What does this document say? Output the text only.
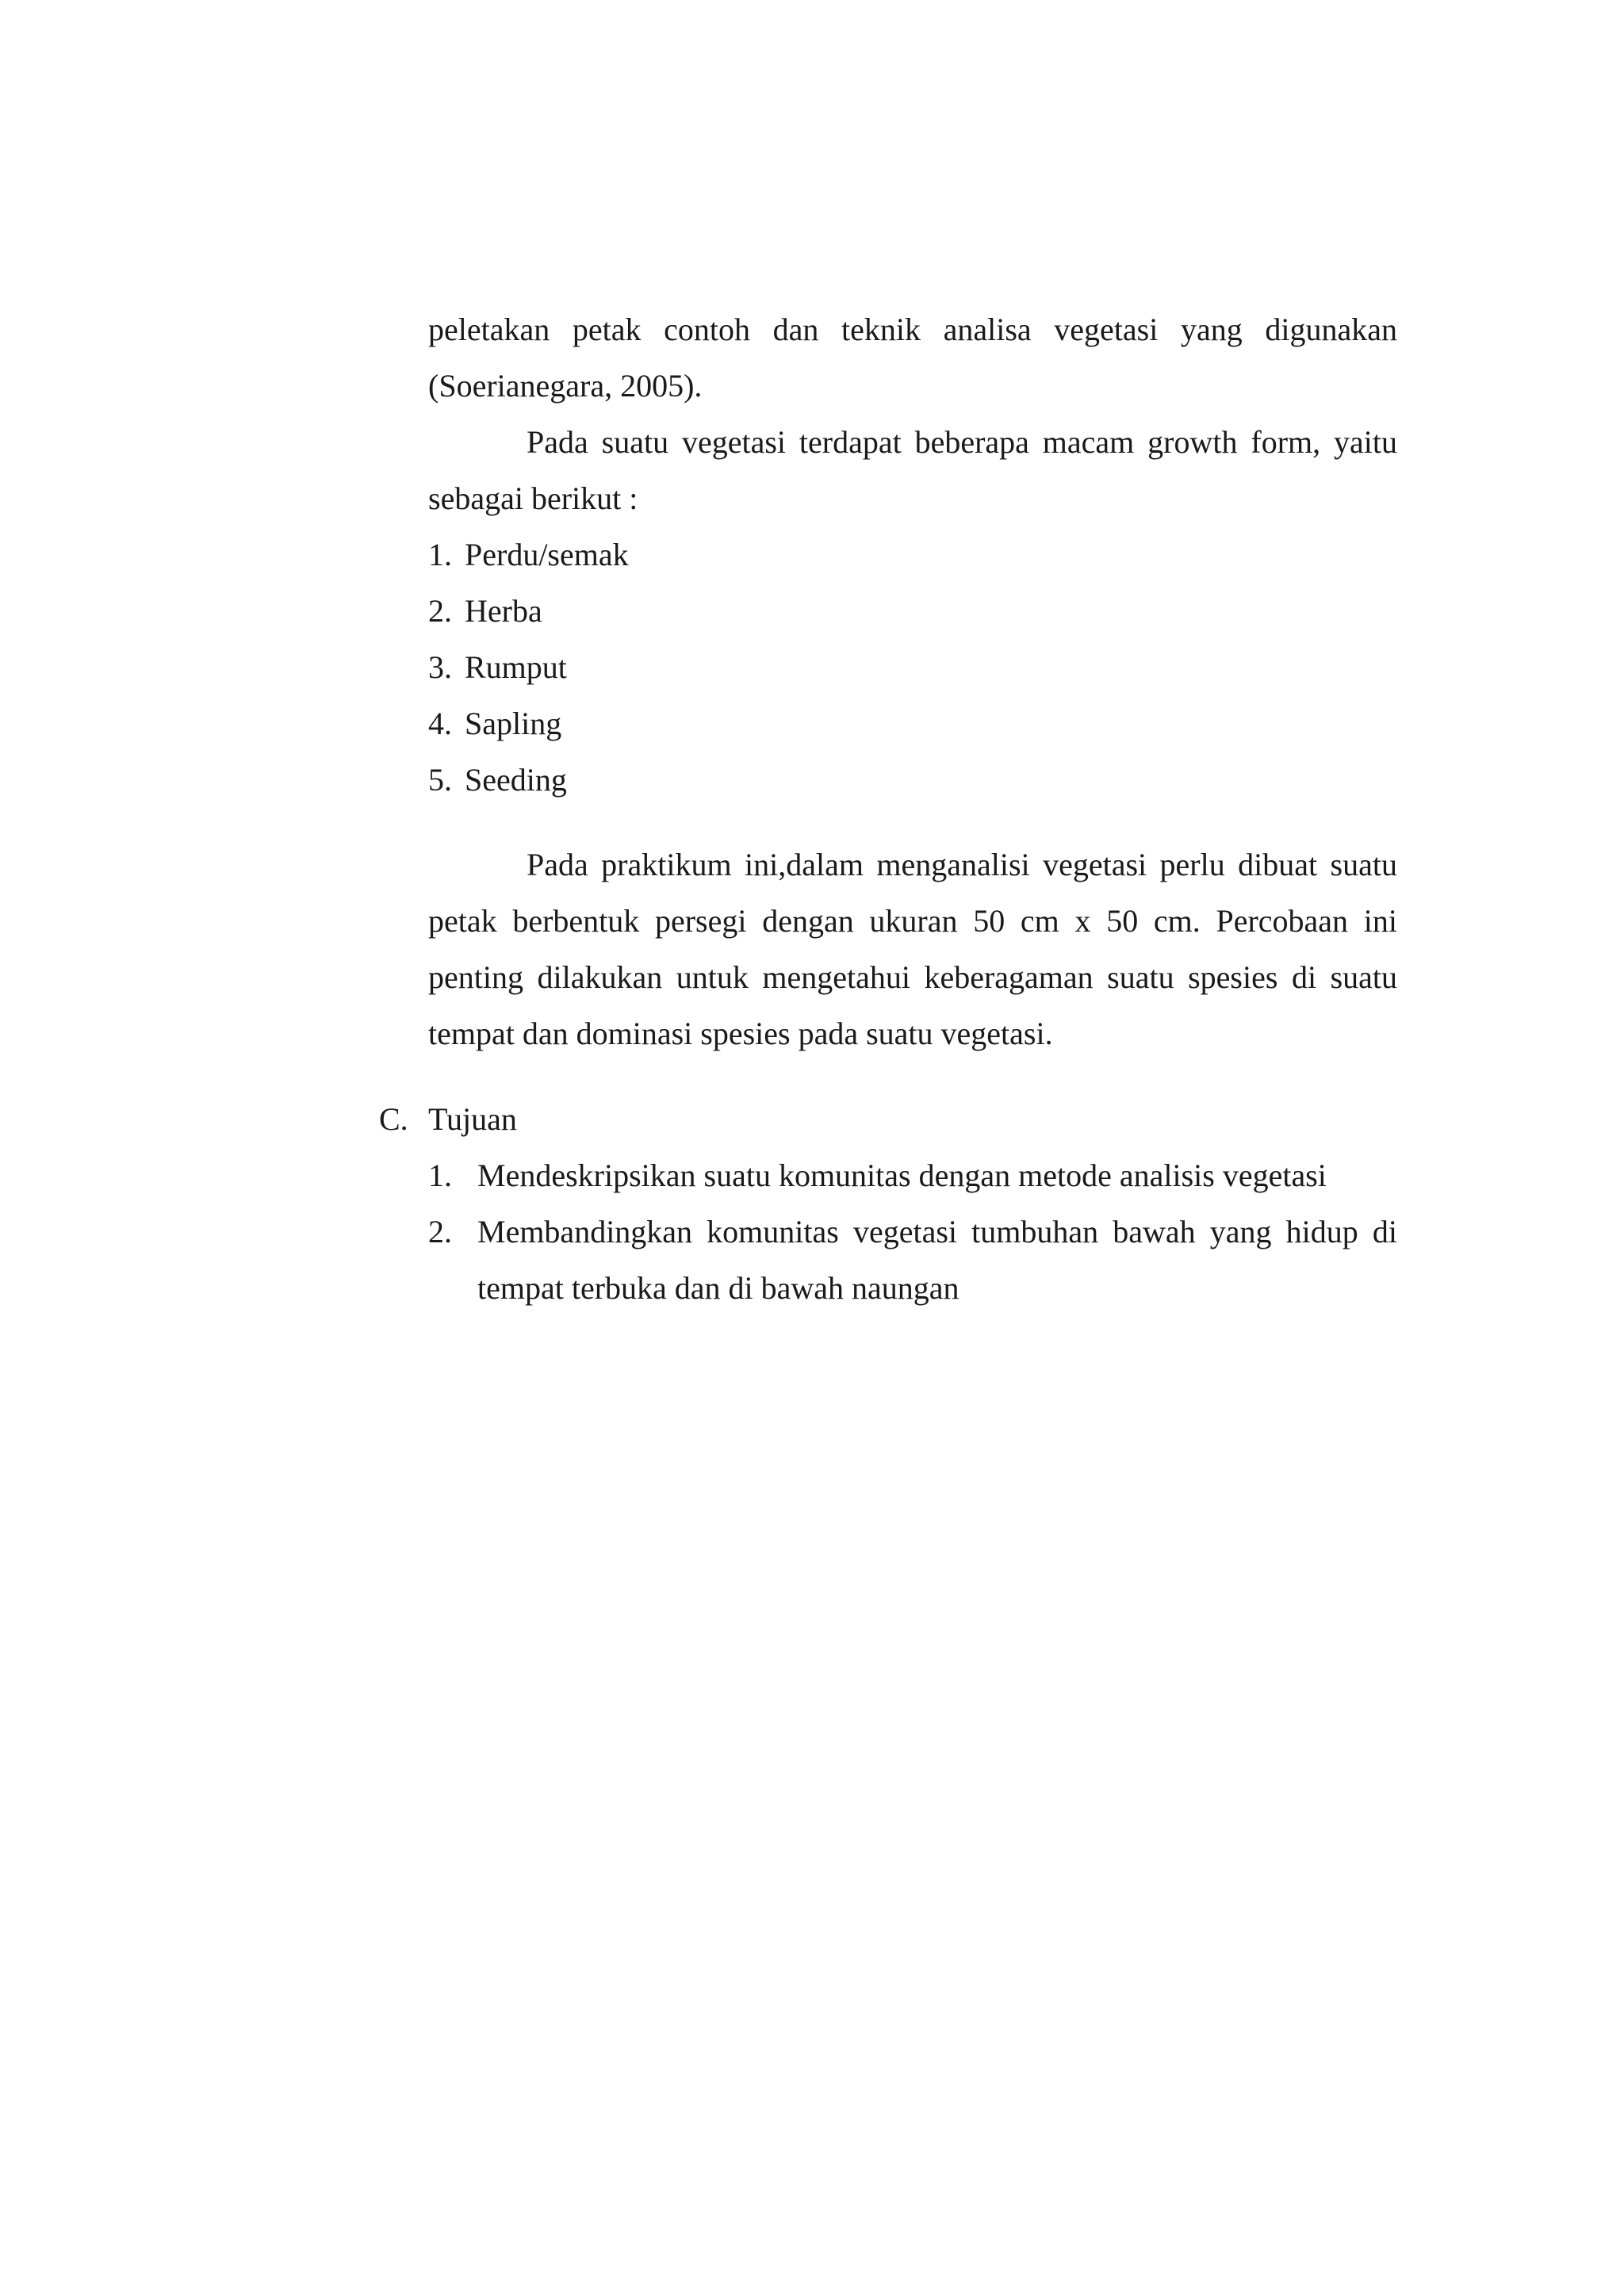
peletakan petak contoh dan teknik analisa vegetasi yang digunakan
(Soerianegara, 2005).
Pada suatu vegetasi terdapat beberapa macam growth form, yaitu
sebagai berikut :
1. Perdu/semak
2. Herba
3. Rumput
4. Sapling
5. Seeding
Pada praktikum ini,dalam menganalisi vegetasi perlu dibuat suatu
petak berbentuk persegi dengan ukuran 50 cm x 50 cm. Percobaan ini
penting dilakukan untuk mengetahui keberagaman suatu spesies di suatu
tempat dan dominasi spesies pada suatu vegetasi.
C. Tujuan
1. Mendeskripsikan suatu komunitas dengan metode analisis vegetasi
2. Membandingkan komunitas vegetasi tumbuhan bawah yang hidup di
tempat terbuka dan di bawah naungan
